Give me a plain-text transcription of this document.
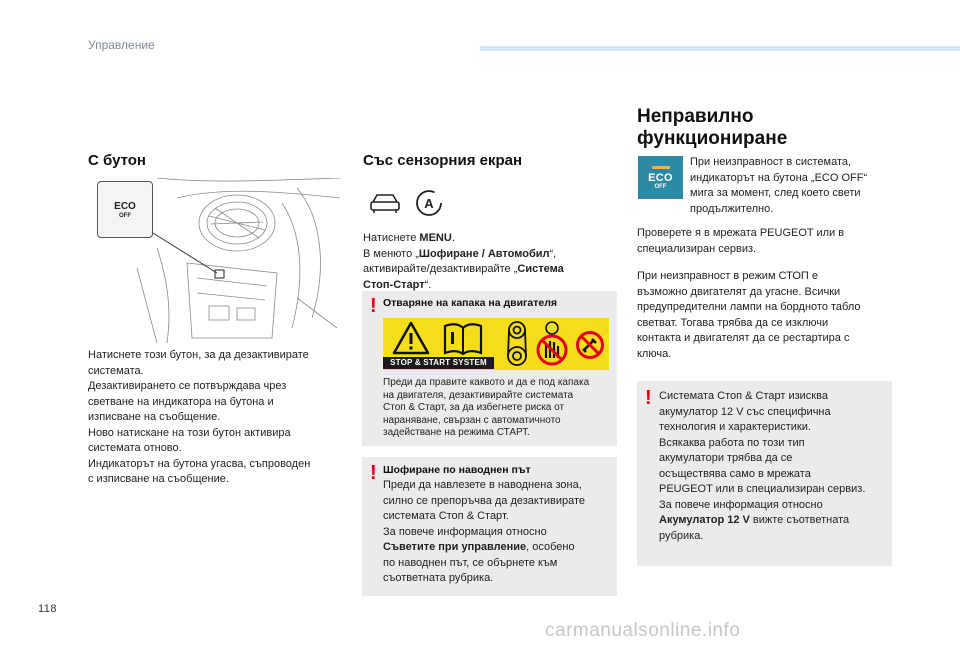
Управление
118
С бутон
ECO
OFF
Натиснете този бутон, за да дезактивирате
системата.
Дезактивирането се потвърждава чрез
светване на индикатора на бутона и
изписване на съобщение.
Ново натискане на този бутон активира
системата отново.
Индикаторът на бутона угасва, съпроводен
с изписване на съобщение.
Със сензорния екран
A
Натиснете MENU.
В менюто „Шофиране / Автомобил“,
активирайте/дезактивирайте „Система
Стоп-Старт“.
! Отваряне на капака на двигателя
Преди да правите каквото и да е под капака
на двигателя, дезактивирайте системата
Стоп & Старт, за да избегнете риска от
нараняване, свързан с автоматичното
задействане на режима СТАРТ.
STOP & START SYSTEM
! Шофиране по наводнен път
Преди да навлезете в наводнена зона,
силно се препоръчва да дезактивирате
системата Стоп & Старт.
За повече информация относно
Съветите при управление, особено
по наводнен път, се обърнете към
съответната рубрика.
Неправилно
функциониране
ECO
OFF
При неизправност в системата,
индикаторът на бутона „ECO OFF“
мига за момент, след което свети
продължително.
Проверете я в мрежата PEUGEOT или в
специализиран сервиз.
При неизправност в режим СТОП е
възможно двигателят да угасне. Всички
предупредителни лампи на бордното табло
светват. Тогава трябва да се изключи
контакта и двигателят да се рестартира с
ключа.
! Системата Стоп & Старт изисква
акумулатор 12 V със специфична
технология и характеристики.
Всякаква работа по този тип
акумулатори трябва да се
осъществява само в мрежата
PEUGEOT или в специализиран сервиз.
За повече информация относно
Акумулатор 12 V вижте съответната
рубрика.
carmanualsonline.info
